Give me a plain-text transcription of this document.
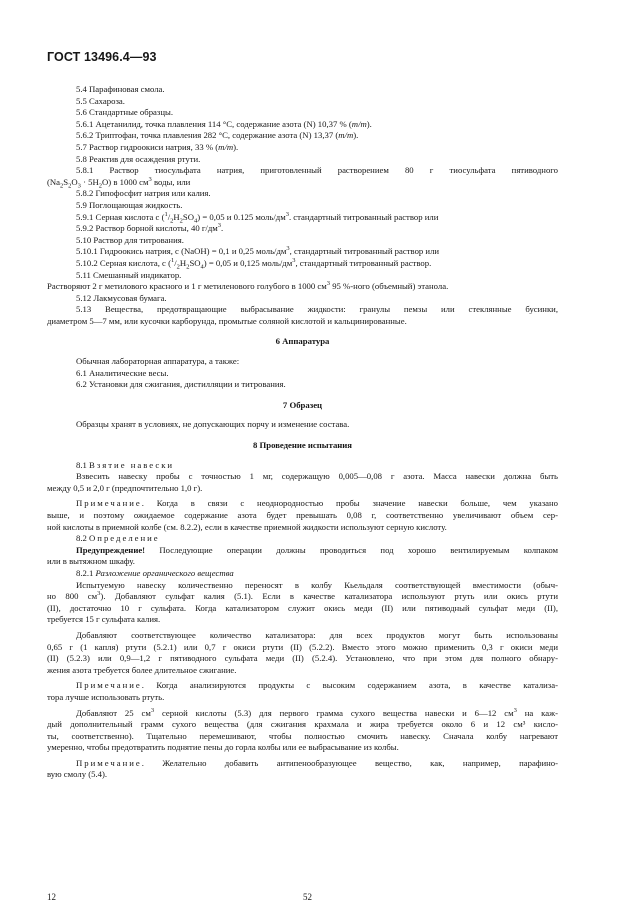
ГОСТ 13496.4—93

5.4 Парафиновая смола.

5.5 Сахароза.

5.6 Стандартные образцы.

5.6.1 Ацетанилид, точка плавления 114 °С, содержание азота (N) 10,37 % (m/m).

5.6.2 Триптофан, точка плавления 282 °С, содержание азота (N) 13,37 (m/m).

5.7 Раствор гидроокиси натрия, 33 % (m/m).

5.8 Реактив для осаждения ртути.

5.8.1 Раствор тиосульфата натрия, приготовленный растворением 80 г тиосульфата пятиводного

$(Na_2S_2O_3 \cdot 5H_2O)$ в 1000 $см^3$ воды, или

5.8.2 Гипофосфит натрия или калия.

5.9 Поглощающая жидкость.

5.9.1 Серная кислота с $(^1/_2H_2SO_4) = 0,05$ и 0.125 моль/$дм^3$. стандартный титрованный раствор или

5.9.2 Раствор борной кислоты, 40 $г/дм^3$.

5.10 Раствор для титрования.

5.10.1 Гидроокись натрия, с (NaOH) = 0,1 и 0,25 моль/$дм^3$, стандартный титрованный раствор или

5.10.2 Серная кислота, с $(^1/_2H_2SO_4) = 0,05$ и 0,125 моль/$дм^3$, стандартный титрованный раствор.

5.11 Смешанный индикатор.

Растворяют 2 г метилового красного и 1 г метиленового голубого в 1000 $см^3$ 95 %-ного (объемный) этанола.

5.12 Лакмусовая бумага.

5.13 Вещества, предотвращающие выбрасывание жидкости: гранулы пемзы или стеклянные бусинки,

диаметром 5—7 мм, или кусочки карборунда, промытые соляной кислотой и кальцинированные.

6 Аппаратура

Обычная лабораторная аппаратура, а также:

6.1 Аналитические весы.

6.2 Установки для сжигания, дистилляции и титрования.

7 Образец

Образцы хранят в условиях, не допускающих порчу и изменение состава.

8 Проведение испытания

8.1 Взятие навески

Взвесить навеску пробы с точностью 1 мг, содержащую 0,005—0,08 г азота. Масса навески должна быть

между 0,5 и 2,0 г (предпочтительно 1,0 г).

Примечание. Когда в связи с неоднородностью пробы значение навески больше, чем указано

выше, и поэтому ожидаемое содержание азота будет превышать 0,08 г, соответственно увеличивают объем сер-

ной кислоты в приемной колбе (см. 8.2.2), если в качестве приемной жидкости используют серную кислоту.

8.2 Определение

Предупреждение! Последующие операции должны проводиться под хорошо вентилируемым колпаком

или в вытяжном шкафу.

8.2.1 Разложение органического вещества

Испытуемую навеску количественно переносят в колбу Кьельдаля соответствующей вместимости (обыч-

но 800 $см^3$). Добавляют сульфат калия (5.1). Если в качестве катализатора используют ртуть или окись ртути

(II), достаточно 10 г сульфата. Когда катализатором служит окись меди (II) или пятиводный сульфат меди (II),

требуется 15 г сульфата калия.

Добавляют соответствующее количество катализатора: для всех продуктов могут быть использованы

0,65 г (1 капля) ртути (5.2.1) или 0,7 г окиси ртути (II) (5.2.2). Вместо этого можно применить 0,3 г окиси меди

(II) (5.2.3) или 0,9—1,2 г пятиводного сульфата меди (II) (5.2.4). Установлено, что при этом для полного обнару-

жения азота требуется более длительное сжигание.

Примечание. Когда анализируются продукты с высоким содержанием азота, в качестве катализа-

тора лучше использовать ртуть.

Добавляют 25 $см^3$ серной кислоты (5.3) для первого грамма сухого вещества навески и 6—12 $см^3$ на каж-

дый дополнительный грамм сухого вещества (для сжигания крахмала и жира требуется около 6 и 12 см³ кисло-

ты, соответственно). Тщательно перемешивают, чтобы полностью смочить навеску. Сначала колбу нагревают

умеренно, чтобы предотвратить поднятие пены до горла колбы или ее выбрасывание из колбы.

Примечание. Желательно добавить антипенообразующее вещество, как, например, парафино-

вую смолу (5.4).

12	52
